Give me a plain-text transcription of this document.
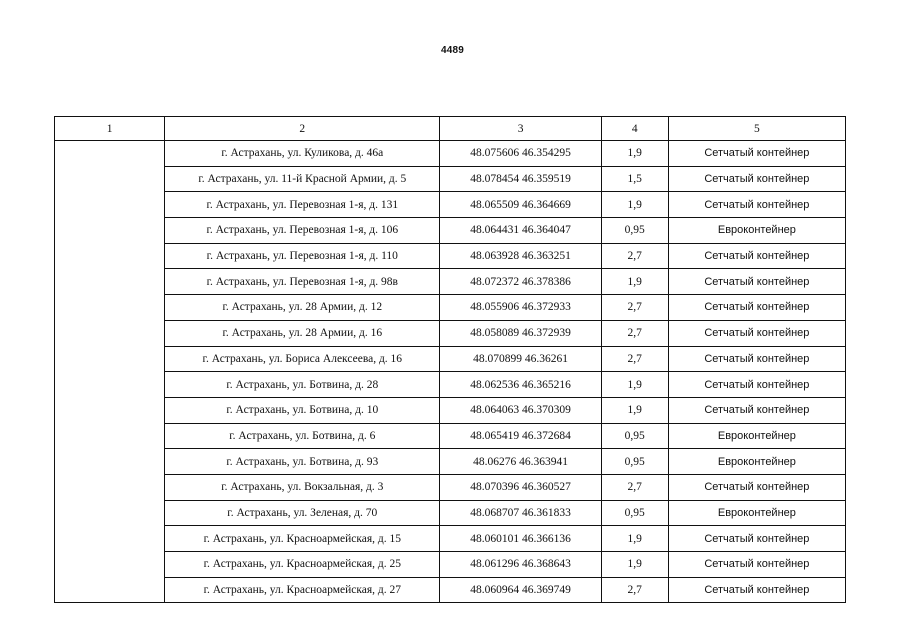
4489
1	2	3	4	5
	г. Астрахань, ул. Куликова, д. 46а	48.075606 46.354295	1,9	Сетчатый контейнер
	г. Астрахань, ул. 11-й Красной Армии, д. 5	48.078454 46.359519	1,5	Сетчатый контейнер
	г. Астрахань, ул. Перевозная 1-я, д. 131	48.065509 46.364669	1,9	Сетчатый контейнер
	г. Астрахань, ул. Перевозная 1-я, д. 106	48.064431 46.364047	0,95	Евроконтейнер
	г. Астрахань, ул. Перевозная 1-я, д. 110	48.063928 46.363251	2,7	Сетчатый контейнер
	г. Астрахань, ул. Перевозная 1-я, д. 98в	48.072372 46.378386	1,9	Сетчатый контейнер
	г. Астрахань, ул. 28 Армии, д. 12	48.055906 46.372933	2,7	Сетчатый контейнер
	г. Астрахань, ул. 28 Армии, д. 16	48.058089 46.372939	2,7	Сетчатый контейнер
	г. Астрахань, ул. Бориса Алексеева, д. 16	48.070899 46.36261	2,7	Сетчатый контейнер
	г. Астрахань, ул. Ботвина, д. 28	48.062536 46.365216	1,9	Сетчатый контейнер
	г. Астрахань, ул. Ботвина, д. 10	48.064063 46.370309	1,9	Сетчатый контейнер
	г. Астрахань, ул. Ботвина, д. 6	48.065419 46.372684	0,95	Евроконтейнер
	г. Астрахань, ул. Ботвина, д. 93	48.06276 46.363941	0,95	Евроконтейнер
	г. Астрахань, ул. Вокзальная, д. 3	48.070396 46.360527	2,7	Сетчатый контейнер
	г. Астрахань, ул. Зеленая, д. 70	48.068707 46.361833	0,95	Евроконтейнер
	г. Астрахань, ул. Красноармейская, д. 15	48.060101 46.366136	1,9	Сетчатый контейнер
	г. Астрахань, ул. Красноармейская, д. 25	48.061296 46.368643	1,9	Сетчатый контейнер
	г. Астрахань, ул. Красноармейская, д. 27	48.060964 46.369749	2,7	Сетчатый контейнер
